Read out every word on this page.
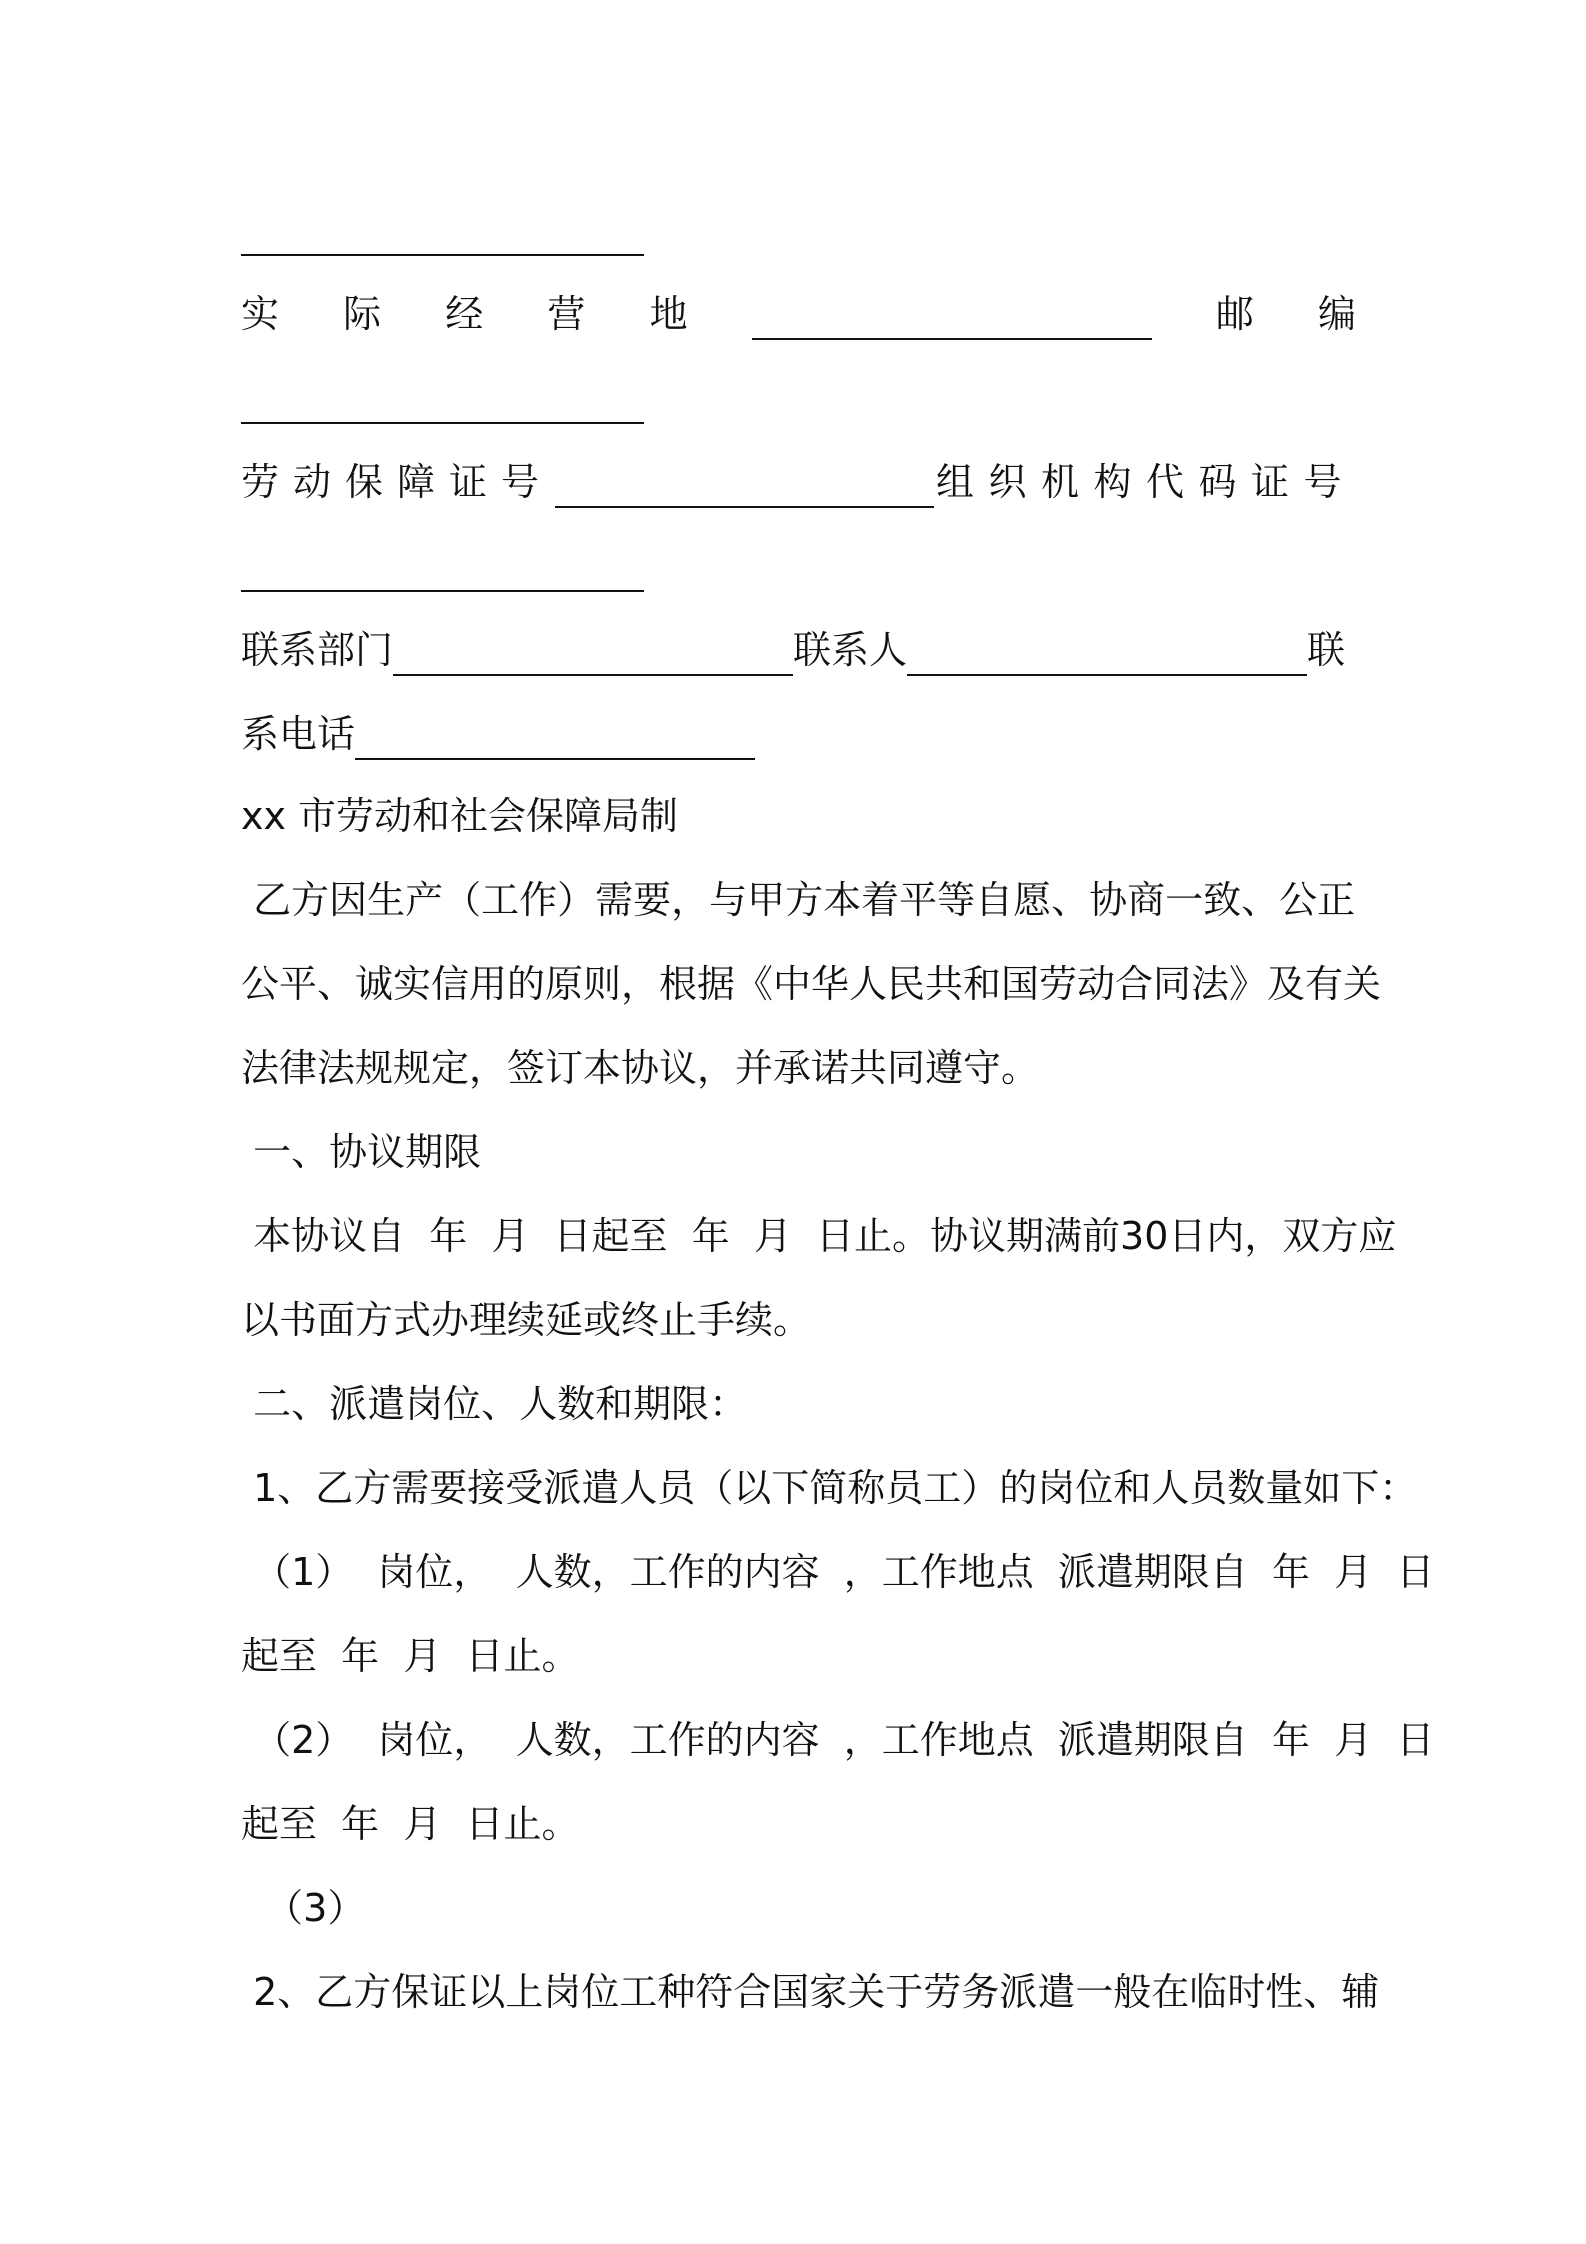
实 际 经 营 地	邮 编
劳动保障证号	组织机构代码证号
联系部门	联系人	联
系电话
xx 市劳动和社会保障局制
乙方因生产（工作）需要，与甲方本着平等自愿、协商一致、公正
公平、诚实信用的原则，根据《中华人民共和国劳动合同法》及有关
法律法规规定，签订本协议，并承诺共同遵守。
一、协议期限
本协议自  年  月  日起至  年  月  日止。协议期满前30日内，双方应
以书面方式办理续延或终止手续。
二、派遣岗位、人数和期限：
1、乙方需要接受派遣人员（以下简称员工）的岗位和人员数量如下：
（1）  岗位，  人数，工作的内容  ，工作地点  派遣期限自  年  月  日
起至  年  月  日止。
（2）  岗位，  人数，工作的内容  ，工作地点  派遣期限自  年  月  日
起至  年  月  日止。
（3）
2、乙方保证以上岗位工种符合国家关于劳务派遣一般在临时性、辅
